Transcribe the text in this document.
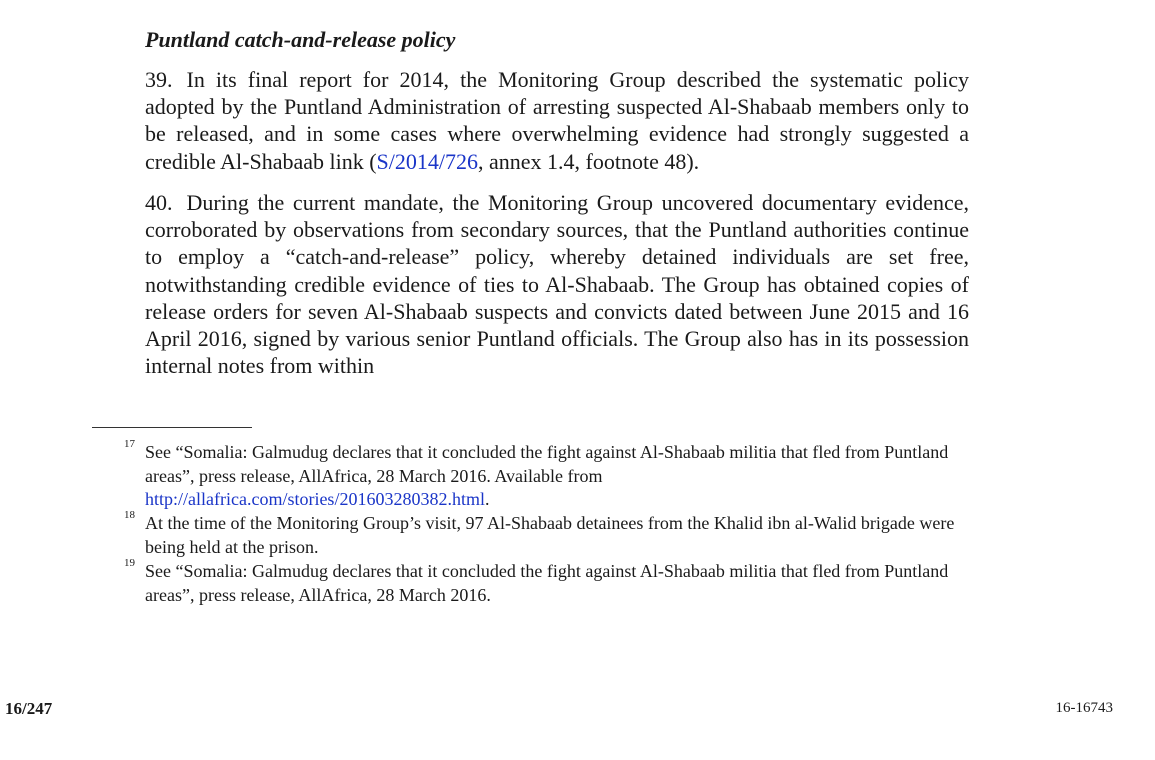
Puntland catch-and-release policy

39. In its final report for 2014, the Monitoring Group described the systematic policy adopted by the Puntland Administration of arresting suspected Al-Shabaab members only to be released, and in some cases where overwhelming evidence had strongly suggested a credible Al-Shabaab link (S/2014/726, annex 1.4, footnote 48).

40. During the current mandate, the Monitoring Group uncovered documentary evidence, corroborated by observations from secondary sources, that the Puntland authorities continue to employ a “catch-and-release” policy, whereby detained individuals are set free, notwithstanding credible evidence of ties to Al-Shabaab. The Group has obtained copies of release orders for seven Al-Shabaab suspects and convicts dated between June 2015 and 16 April 2016, signed by various senior Puntland officials. The Group also has in its possession internal notes from within

17 See “Somalia: Galmudug declares that it concluded the fight against Al-Shabaab militia that fled from Puntland areas”, press release, AllAfrica, 28 March 2016. Available from
http://allafrica.com/stories/201603280382.html.

18 At the time of the Monitoring Group’s visit, 97 Al-Shabaab detainees from the Khalid ibn al-Walid brigade were being held at the prison.

19 See “Somalia: Galmudug declares that it concluded the fight against Al-Shabaab militia that fled from Puntland areas”, press release, AllAfrica, 28 March 2016.

16/247	16-16743
